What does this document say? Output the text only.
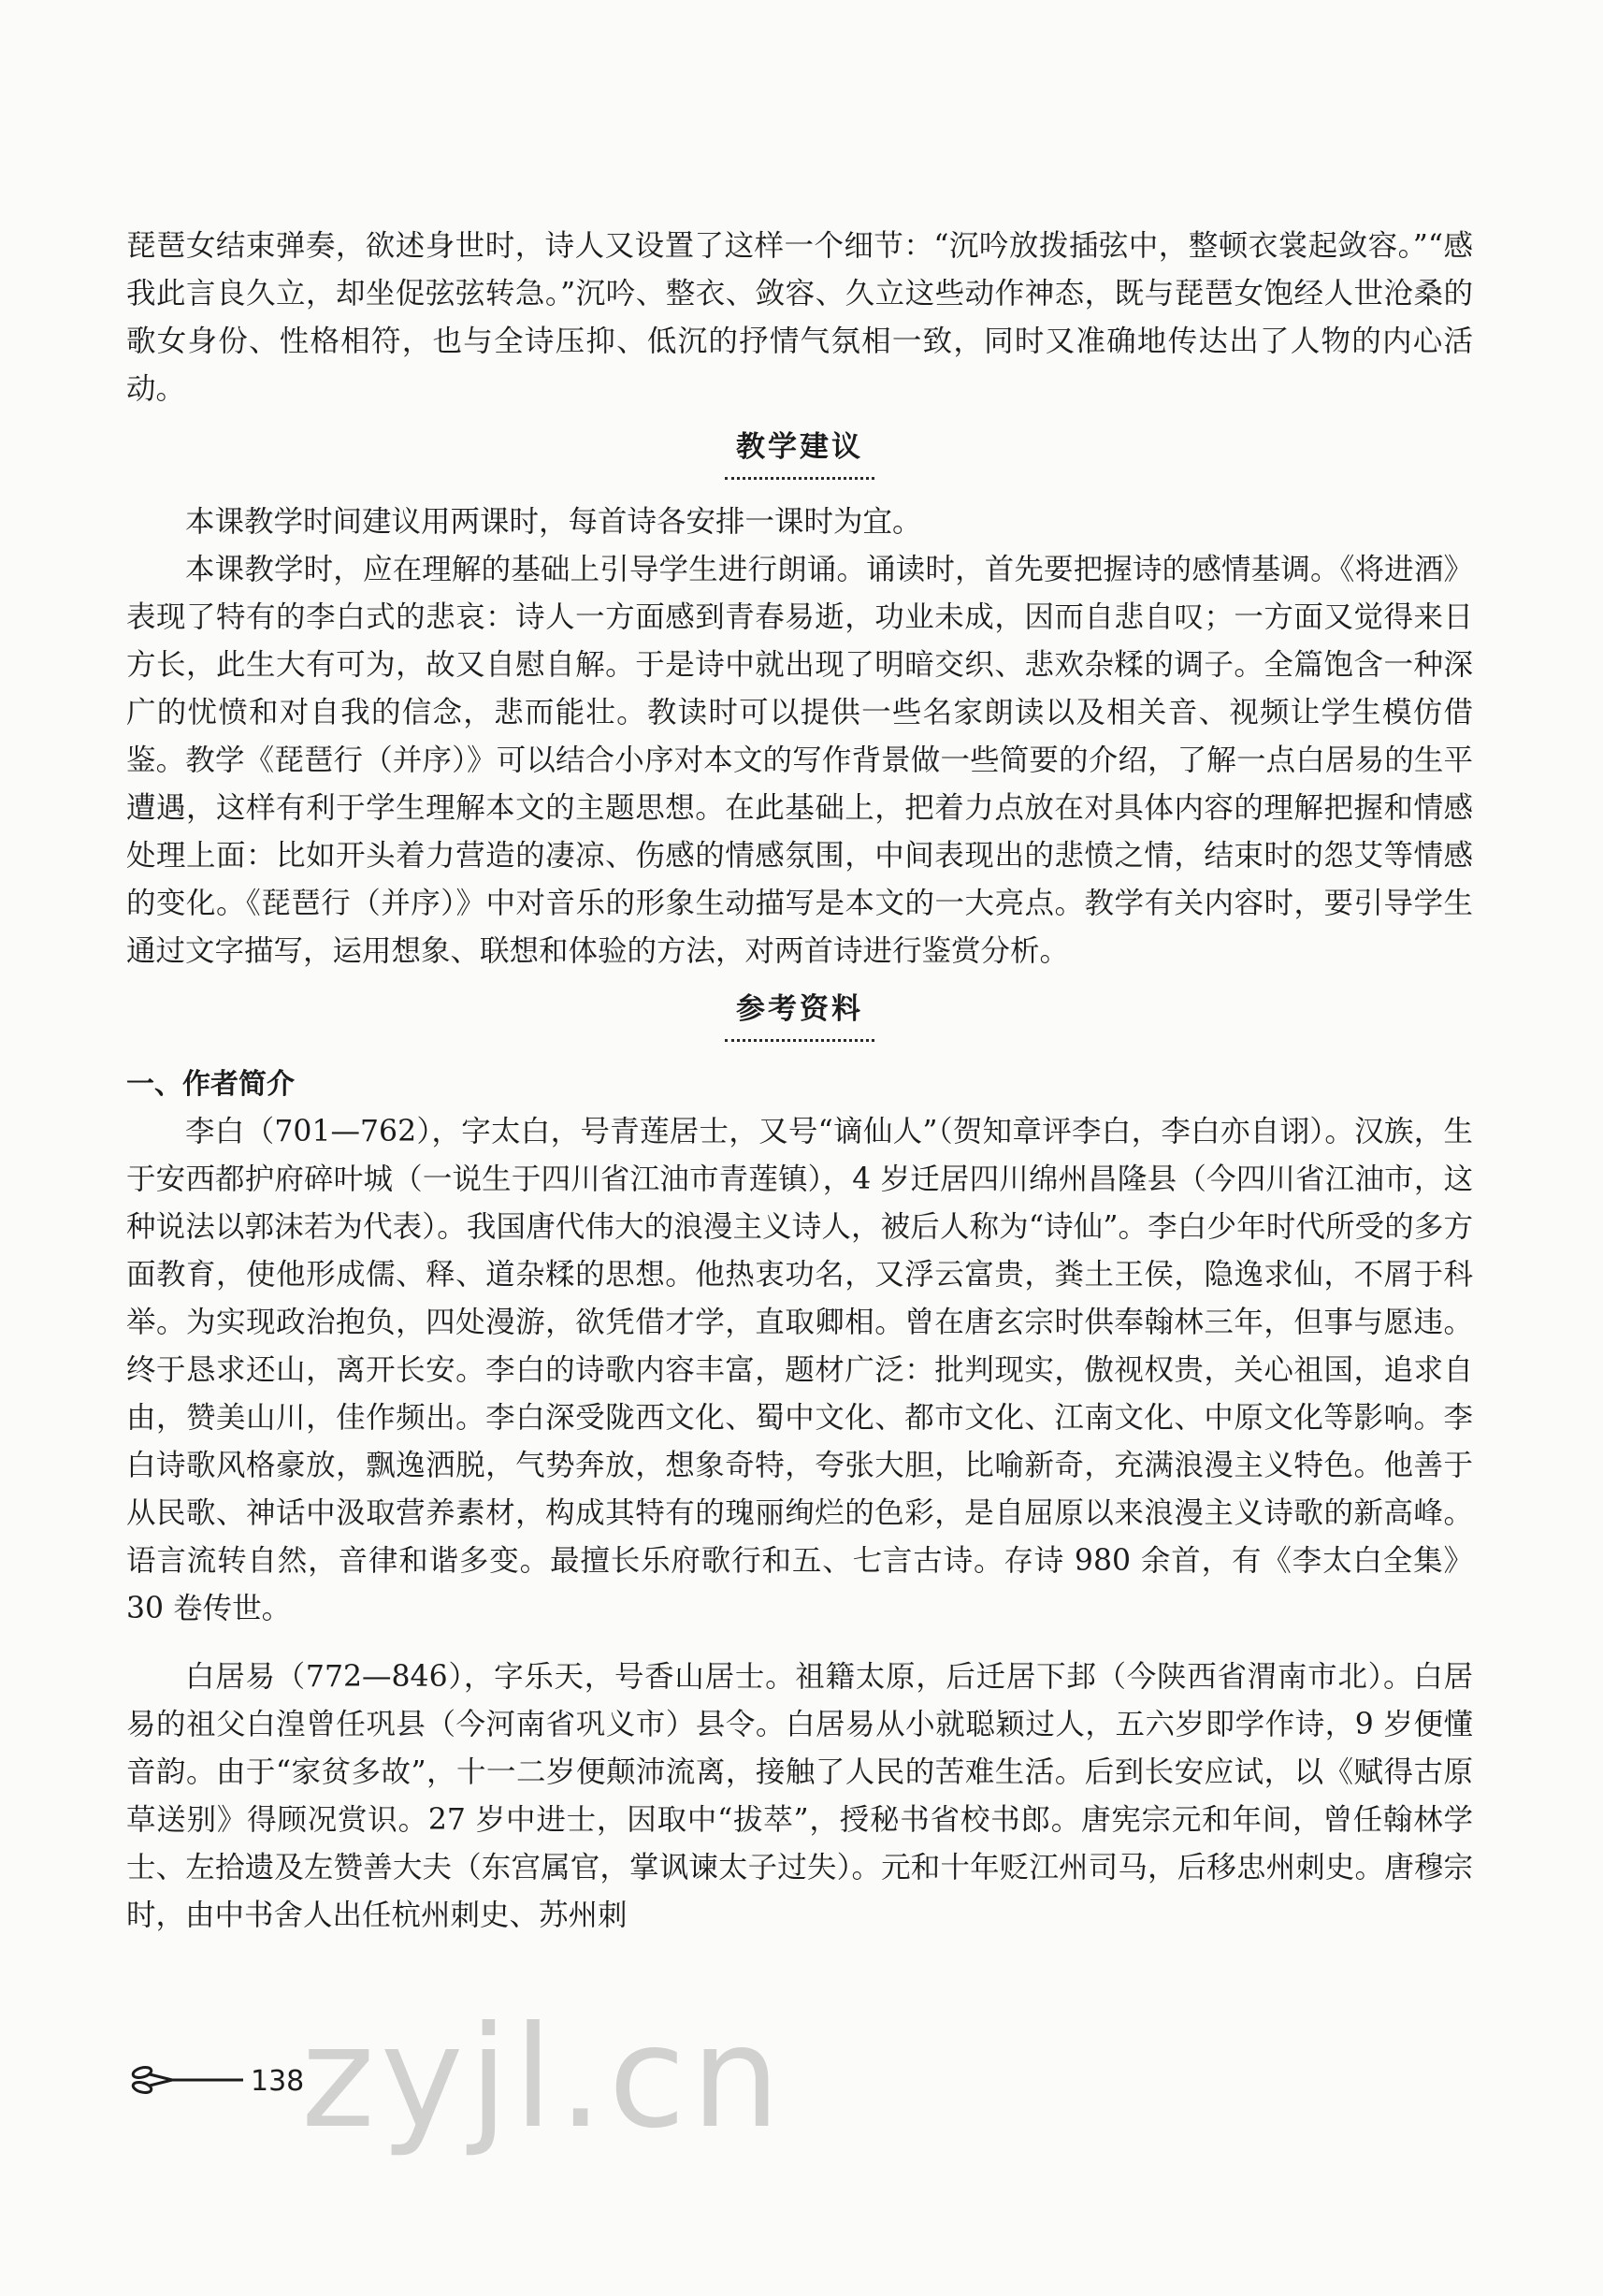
琵琶女结束弹奏，欲述身世时，诗人又设置了这样一个细节：“沉吟放拨插弦中，整顿衣裳起敛容。”“感我此言良久立，却坐促弦弦转急。”沉吟、整衣、敛容、久立这些动作神态，既与琵琶女饱经人世沧桑的歌女身份、性格相符，也与全诗压抑、低沉的抒情气氛相一致，同时又准确地传达出了人物的内心活动。

教学建议

本课教学时间建议用两课时，每首诗各安排一课时为宜。

本课教学时，应在理解的基础上引导学生进行朗诵。诵读时，首先要把握诗的感情基调。《将进酒》表现了特有的李白式的悲哀：诗人一方面感到青春易逝，功业未成，因而自悲自叹；一方面又觉得来日方长，此生大有可为，故又自慰自解。于是诗中就出现了明暗交织、悲欢杂糅的调子。全篇饱含一种深广的忧愤和对自我的信念，悲而能壮。教读时可以提供一些名家朗读以及相关音、视频让学生模仿借鉴。教学《琵琶行（并序）》可以结合小序对本文的写作背景做一些简要的介绍，了解一点白居易的生平遭遇，这样有利于学生理解本文的主题思想。在此基础上，把着力点放在对具体内容的理解把握和情感处理上面：比如开头着力营造的凄凉、伤感的情感氛围，中间表现出的悲愤之情，结束时的怨艾等情感的变化。《琵琶行（并序）》中对音乐的形象生动描写是本文的一大亮点。教学有关内容时，要引导学生通过文字描写，运用想象、联想和体验的方法，对两首诗进行鉴赏分析。

参考资料
一、作者简介

李白（701—762），字太白，号青莲居士，又号“谪仙人”（贺知章评李白，李白亦自诩）。汉族，生于安西都护府碎叶城（一说生于四川省江油市青莲镇），4 岁迁居四川绵州昌隆县（今四川省江油市，这种说法以郭沫若为代表）。我国唐代伟大的浪漫主义诗人，被后人称为“诗仙”。李白少年时代所受的多方面教育，使他形成儒、释、道杂糅的思想。他热衷功名，又浮云富贵，粪土王侯，隐逸求仙，不屑于科举。为实现政治抱负，四处漫游，欲凭借才学，直取卿相。曾在唐玄宗时供奉翰林三年，但事与愿违。终于恳求还山，离开长安。李白的诗歌内容丰富，题材广泛：批判现实，傲视权贵，关心祖国，追求自由，赞美山川，佳作频出。李白深受陇西文化、蜀中文化、都市文化、江南文化、中原文化等影响。李白诗歌风格豪放，飘逸洒脱，气势奔放，想象奇特，夸张大胆，比喻新奇，充满浪漫主义特色。他善于从民歌、神话中汲取营养素材，构成其特有的瑰丽绚烂的色彩，是自屈原以来浪漫主义诗歌的新高峰。语言流转自然，音律和谐多变。最擅长乐府歌行和五、七言古诗。存诗 980 余首，有《李太白全集》30 卷传世。

白居易（772—846），字乐天，号香山居士。祖籍太原，后迁居下邽（今陕西省渭南市北）。白居易的祖父白湟曾任巩县（今河南省巩义市）县令。白居易从小就聪颖过人，五六岁即学作诗，9 岁便懂音韵。由于“家贫多故”，十一二岁便颠沛流离，接触了人民的苦难生活。后到长安应试，以《赋得古原草送别》得顾况赏识。27 岁中进士，因取中“拔萃”，授秘书省校书郎。唐宪宗元和年间，曾任翰林学士、左拾遗及左赞善大夫（东宫属官，掌讽谏太子过失）。元和十年贬江州司马，后移忠州刺史。唐穆宗时，由中书舍人出任杭州刺史、苏州刺

138
zyjl.cn
